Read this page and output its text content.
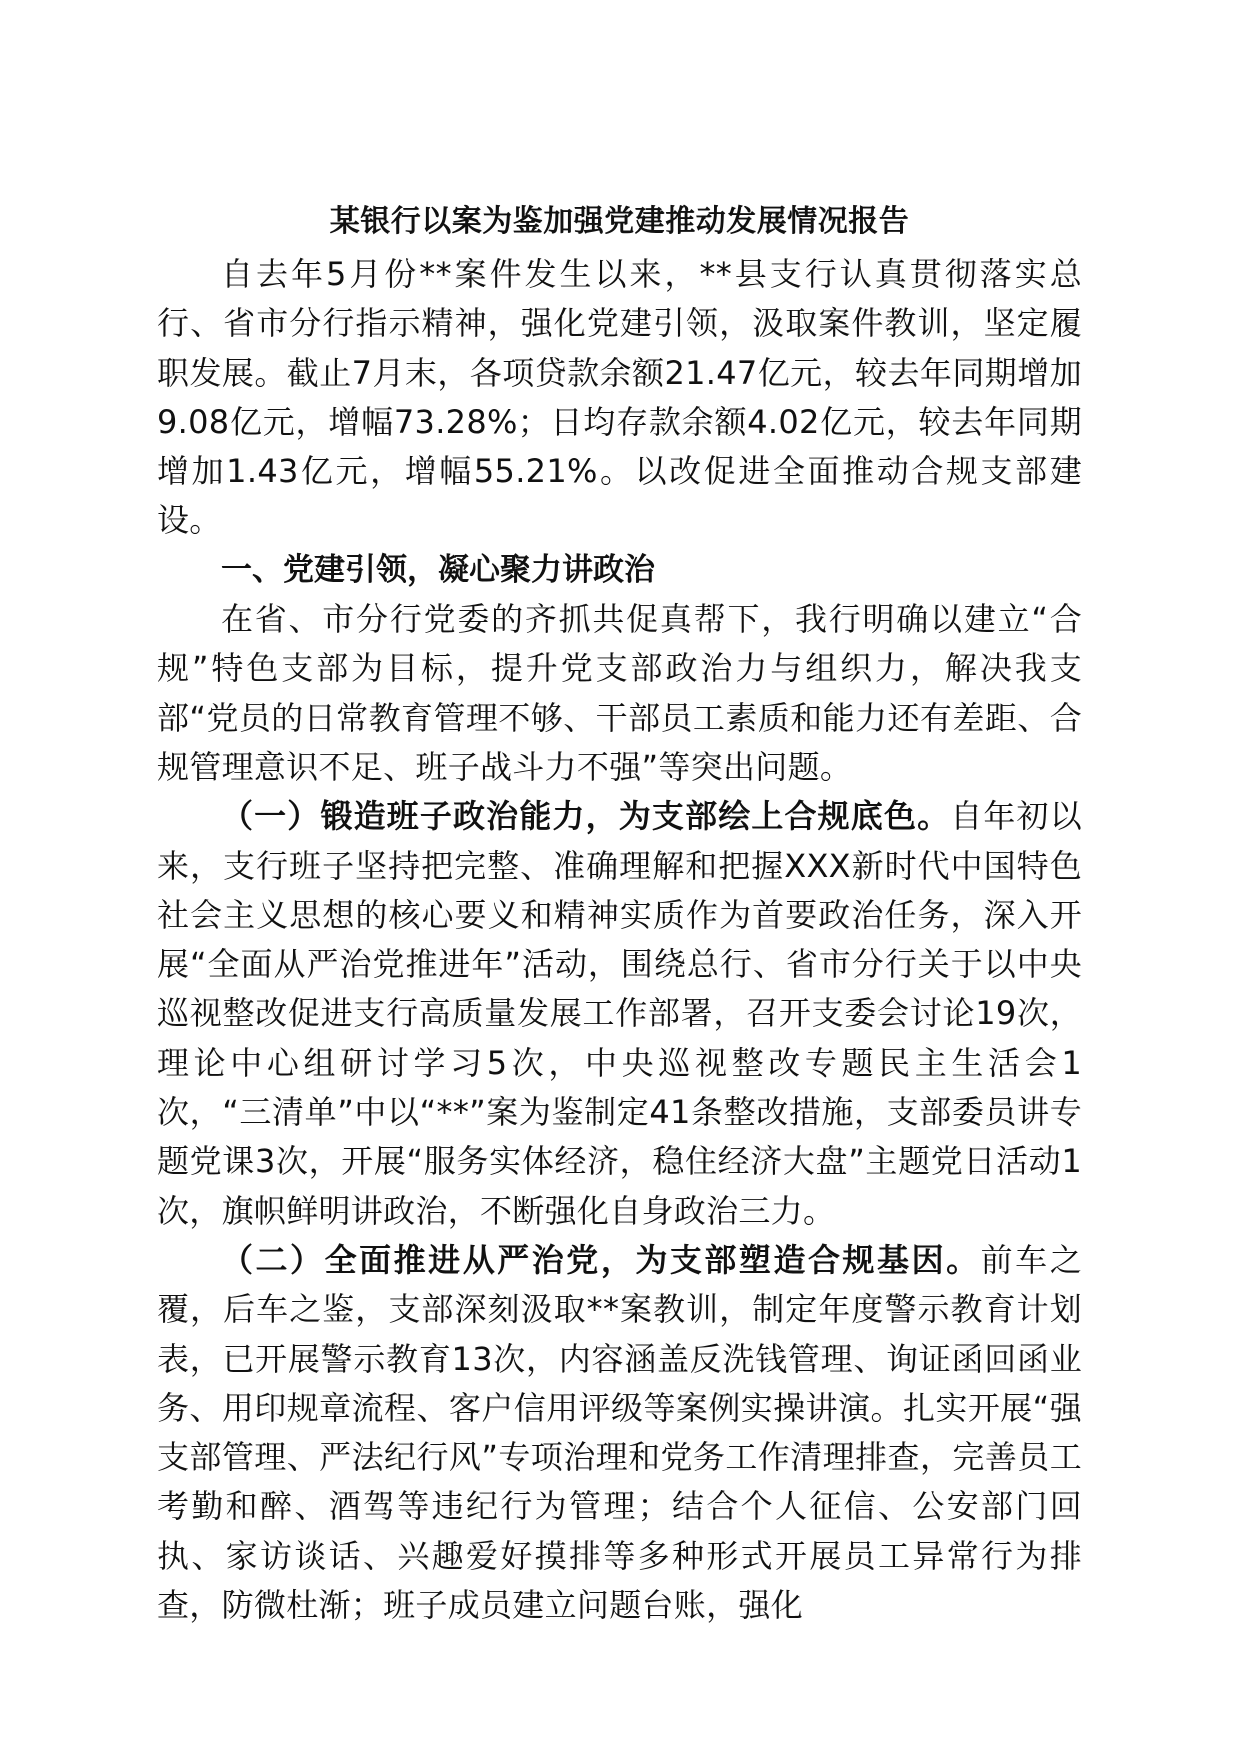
某银行以案为鉴加强党建推动发展情况报告

自去年5月份**案件发生以来，**县支行认真贯彻落实总行、省市分行指示精神，强化党建引领，汲取案件教训，坚定履职发展。截止7月末，各项贷款余额21.47亿元，较去年同期增加9.08亿元，增幅73.28%；日均存款余额4.02亿元，较去年同期增加1.43亿元，增幅55.21%。以改促进全面推动合规支部建设。

一、党建引领，凝心聚力讲政治

在省、市分行党委的齐抓共促真帮下，我行明确以建立“合规”特色支部为目标，提升党支部政治力与组织力，解决我支部“党员的日常教育管理不够、干部员工素质和能力还有差距、合规管理意识不足、班子战斗力不强”等突出问题。

（一）锻造班子政治能力，为支部绘上合规底色。自年初以来，支行班子坚持把完整、准确理解和把握XXX新时代中国特色社会主义思想的核心要义和精神实质作为首要政治任务，深入开展“全面从严治党推进年”活动，围绕总行、省市分行关于以中央巡视整改促进支行高质量发展工作部署，召开支委会讨论19次，理论中心组研讨学习5次，中央巡视整改专题民主生活会1次，“三清单”中以“**”案为鉴制定41条整改措施，支部委员讲专题党课3次，开展“服务实体经济，稳住经济大盘”主题党日活动1次，旗帜鲜明讲政治，不断强化自身政治三力。

（二）全面推进从严治党，为支部塑造合规基因。前车之覆，后车之鉴，支部深刻汲取**案教训，制定年度警示教育计划表，已开展警示教育13次，内容涵盖反洗钱管理、询证函回函业务、用印规章流程、客户信用评级等案例实操讲演。扎实开展“强支部管理、严法纪行风”专项治理和党务工作清理排查，完善员工考勤和醉、酒驾等违纪行为管理；结合个人征信、公安部门回执、家访谈话、兴趣爱好摸排等多种形式开展员工异常行为排查，防微杜渐；班子成员建立问题台账，强化
